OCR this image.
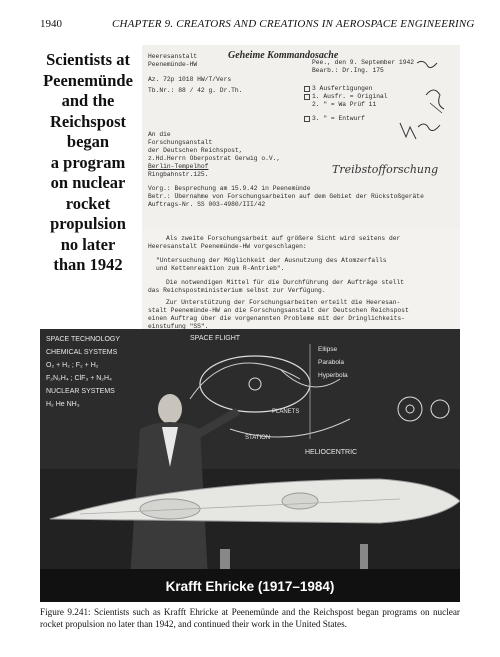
1940	CHAPTER 9. CREATORS AND CREATIONS IN AEROSPACE ENGINEERING
Scientists at
Peenemünde
and the
Reichspost
began
a program
on nuclear
rocket
propulsion
no later
than 1942
Geheime Kommandosache
Heeresanstalt
Peenemünde-HW
Az. 72p 1018 HW/T/Vers
Tb.Nr.: 88 / 42 g. Dr.Th.
Pee., den 9. September 1942
Bearb.: Dr.Ing. 175
3 Ausfertigungen
1. Ausfr. = Original
2. " = Wa Prüf 11
3. " = Entwurf
An die
Forschungsanstalt
der Deutschen Reichspost,
z.Hd.Herrn Oberpostrat Gerwig o.V.,
Berlin-Tempelhof
Ringbahnstr.125.	Treibstofforschung
Vorg.: Besprechung am 15.9.42 in Peenemünde
Betr.: Übernahme von Forschungsarbeiten auf dem Gebiet der Rückstoßgeräte
Auftrags-Nr. SS 003-4980/III/42
Als zweite Forschungsarbeit auf größere Sicht wird seitens der
Heeresanstalt Peenemünde-HW vorgeschlagen:
"Untersuchung der Möglichkeit der Ausnutzung des Atomzerfalls
und Kettenreaktion zum R-Antrieb".
Die notwendigen Mittel für die Durchführung der Aufträge stellt
das Reichspostministerium selbst zur Verfügung.
Zur Unterstützung der Forschungsarbeiten erteilt die Heeresan-
stalt Peenemünde-HW an die Forschungsanstalt der Deutschen Reichspost
einen Auftrag über die vorgenannten Probleme mit der Dringlichkeits-
einstufung "SS".
SPACE TECHNOLOGY
CHEMICAL SYSTEMS
O₂ + H₂ ; F₂ + H₂
F₂N₂H₄ ; ClF₃ + N₂H₄
NUCLEAR SYSTEMS
H₂ He NH₃
SPACE FLIGHT
PLANETS
HELIOCENTRIC
STATION
Ellipse
Parabola
Hyperbola
Krafft Ehricke (1917–1984)
Figure 9.241: Scientists such as Krafft Ehricke at Peenemünde and the Reichspost began programs on nuclear rocket propulsion no later than 1942, and continued their work in the United States.
